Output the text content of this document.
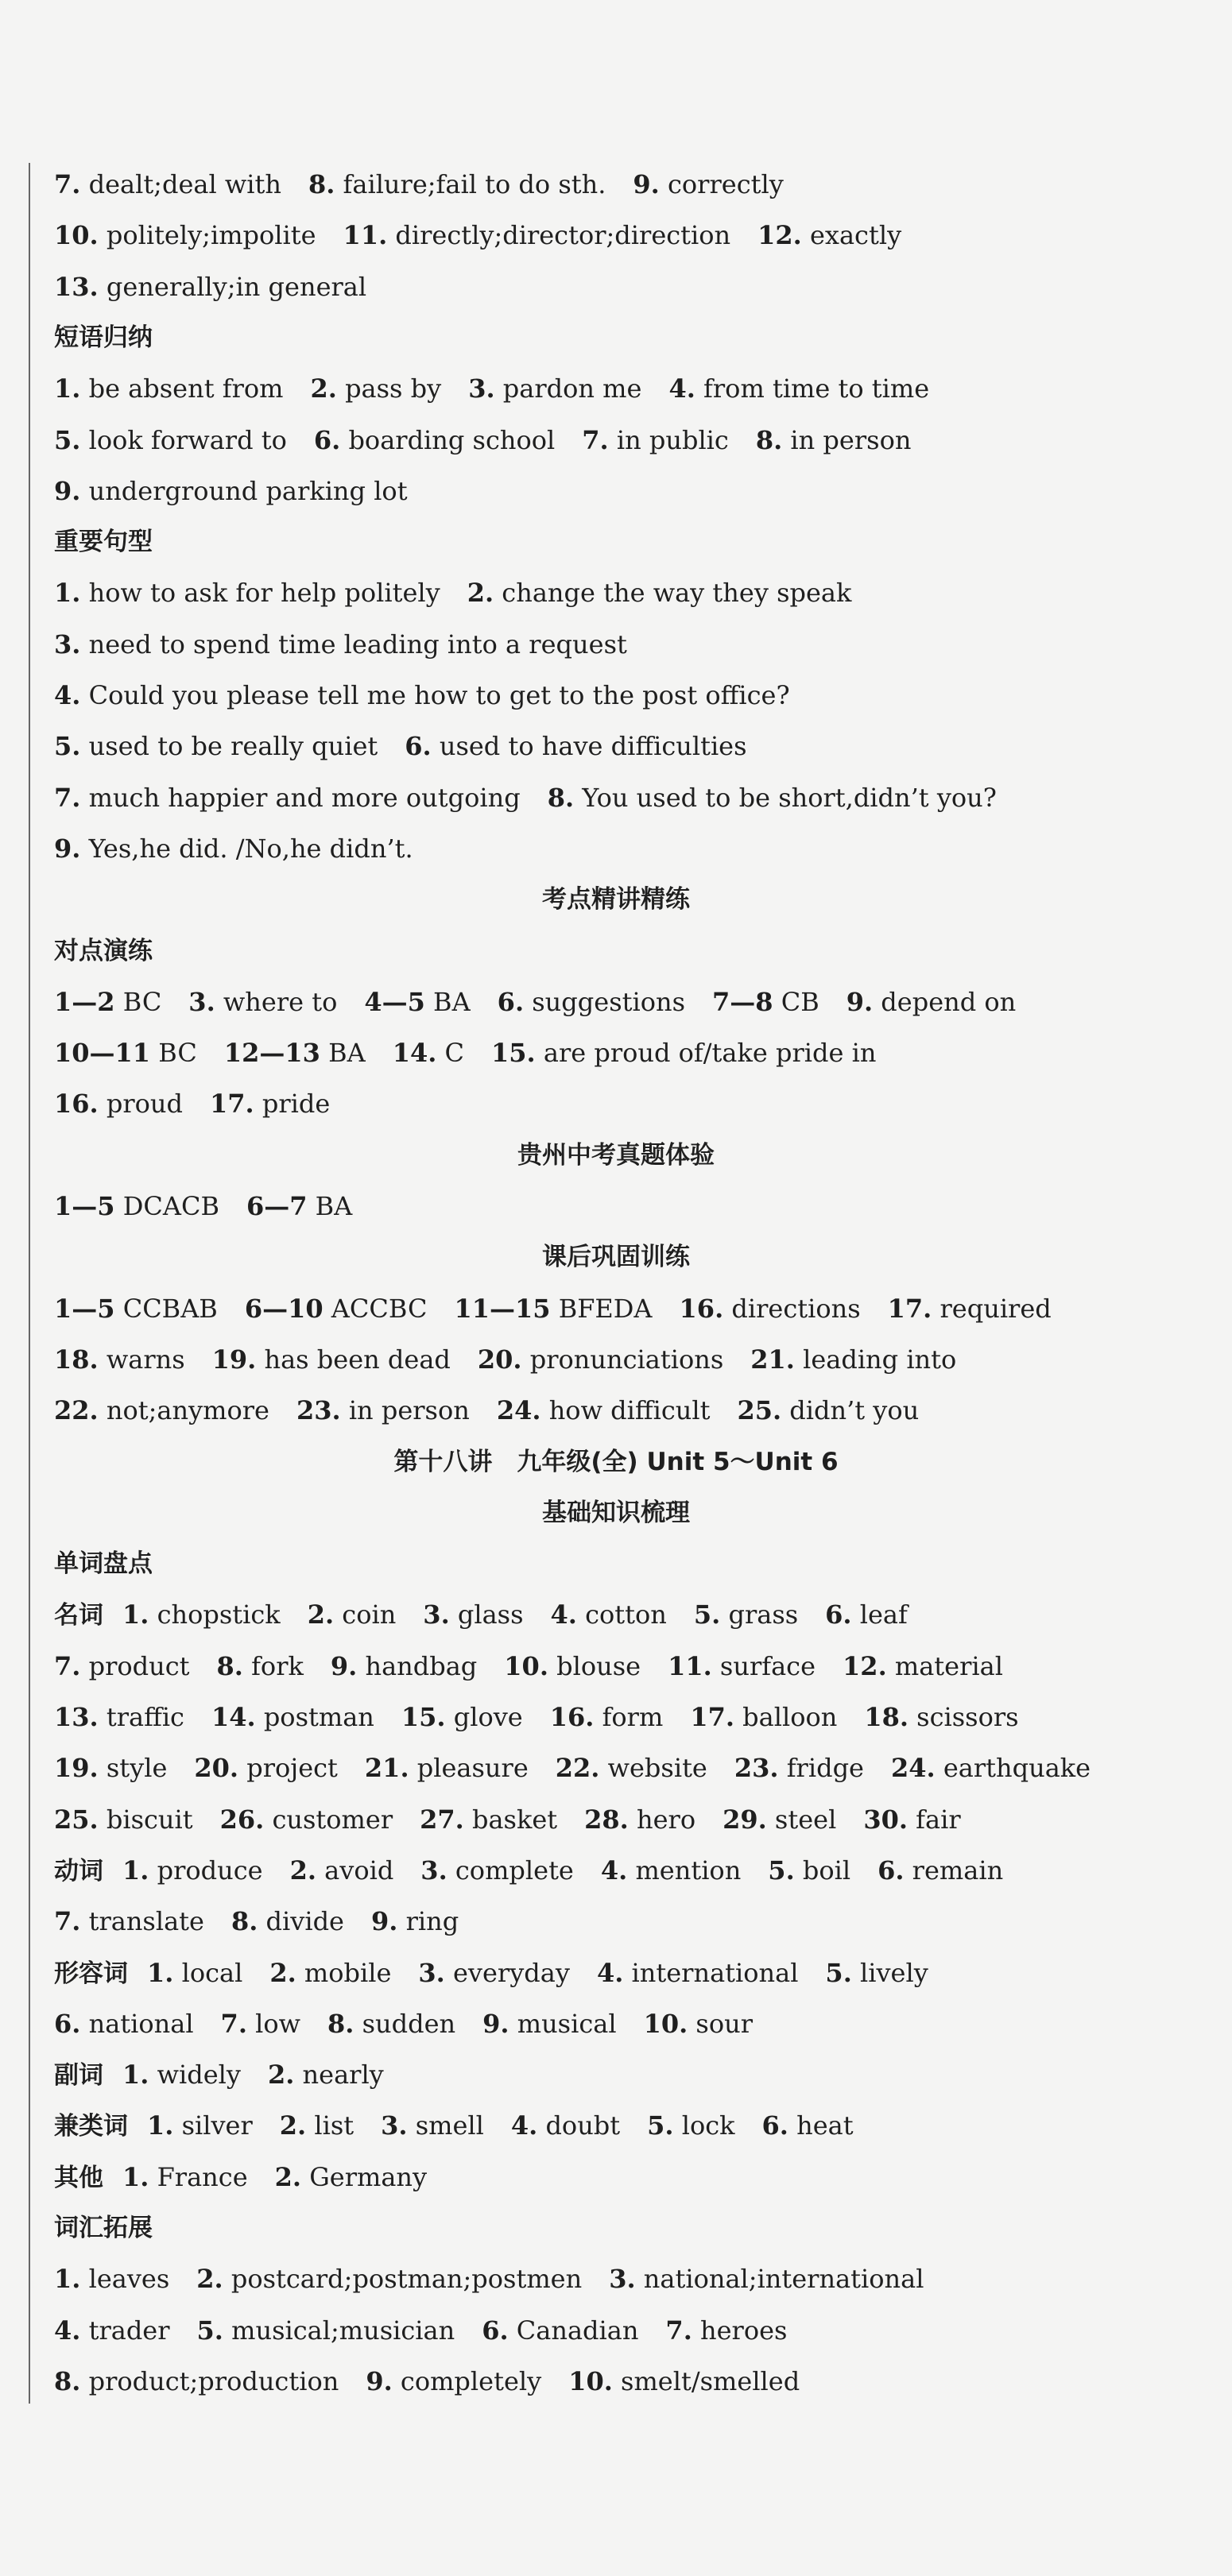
7. dealt;deal with 8. failure;fail to do sth. 9. correctly
10. politely;impolite 11. directly;director;direction 12. exactly
13. generally;in general
短语归纳
1. be absent from 2. pass by 3. pardon me 4. from time to time
5. look forward to 6. boarding school 7. in public 8. in person
9. underground parking lot
重要句型
1. how to ask for help politely 2. change the way they speak
3. need to spend time leading into a request
4. Could you please tell me how to get to the post office?
5. used to be really quiet 6. used to have difficulties
7. much happier and more outgoing 8. You used to be short,didn’t you?
9. Yes,he did. /No,he didn’t.
考点精讲精练
对点演练
1—2 BC 3. where to 4—5 BA 6. suggestions 7—8 CB 9. depend on
10—11 BC 12—13 BA 14. C 15. are proud of/take pride in
16. proud 17. pride
贵州中考真题体验
1—5 DCACB 6—7 BA
课后巩固训练
1—5 CCBAB 6—10 ACCBC 11—15 BFEDA 16. directions 17. required
18. warns 19. has been dead 20. pronunciations 21. leading into
22. not;anymore 23. in person 24. how difficult 25. didn’t you
第十八讲　九年级(全) Unit 5～Unit 6
基础知识梳理
单词盘点
名词 1. chopstick 2. coin 3. glass 4. cotton 5. grass 6. leaf
7. product 8. fork 9. handbag 10. blouse 11. surface 12. material
13. traffic 14. postman 15. glove 16. form 17. balloon 18. scissors
19. style 20. project 21. pleasure 22. website 23. fridge 24. earthquake
25. biscuit 26. customer 27. basket 28. hero 29. steel 30. fair
动词 1. produce 2. avoid 3. complete 4. mention 5. boil 6. remain
7. translate 8. divide 9. ring
形容词 1. local 2. mobile 3. everyday 4. international 5. lively
6. national 7. low 8. sudden 9. musical 10. sour
副词 1. widely 2. nearly
兼类词 1. silver 2. list 3. smell 4. doubt 5. lock 6. heat
其他 1. France 2. Germany
词汇拓展
1. leaves 2. postcard;postman;postmen 3. national;international
4. trader 5. musical;musician 6. Canadian 7. heroes
8. product;production 9. completely 10. smelt/smelled
